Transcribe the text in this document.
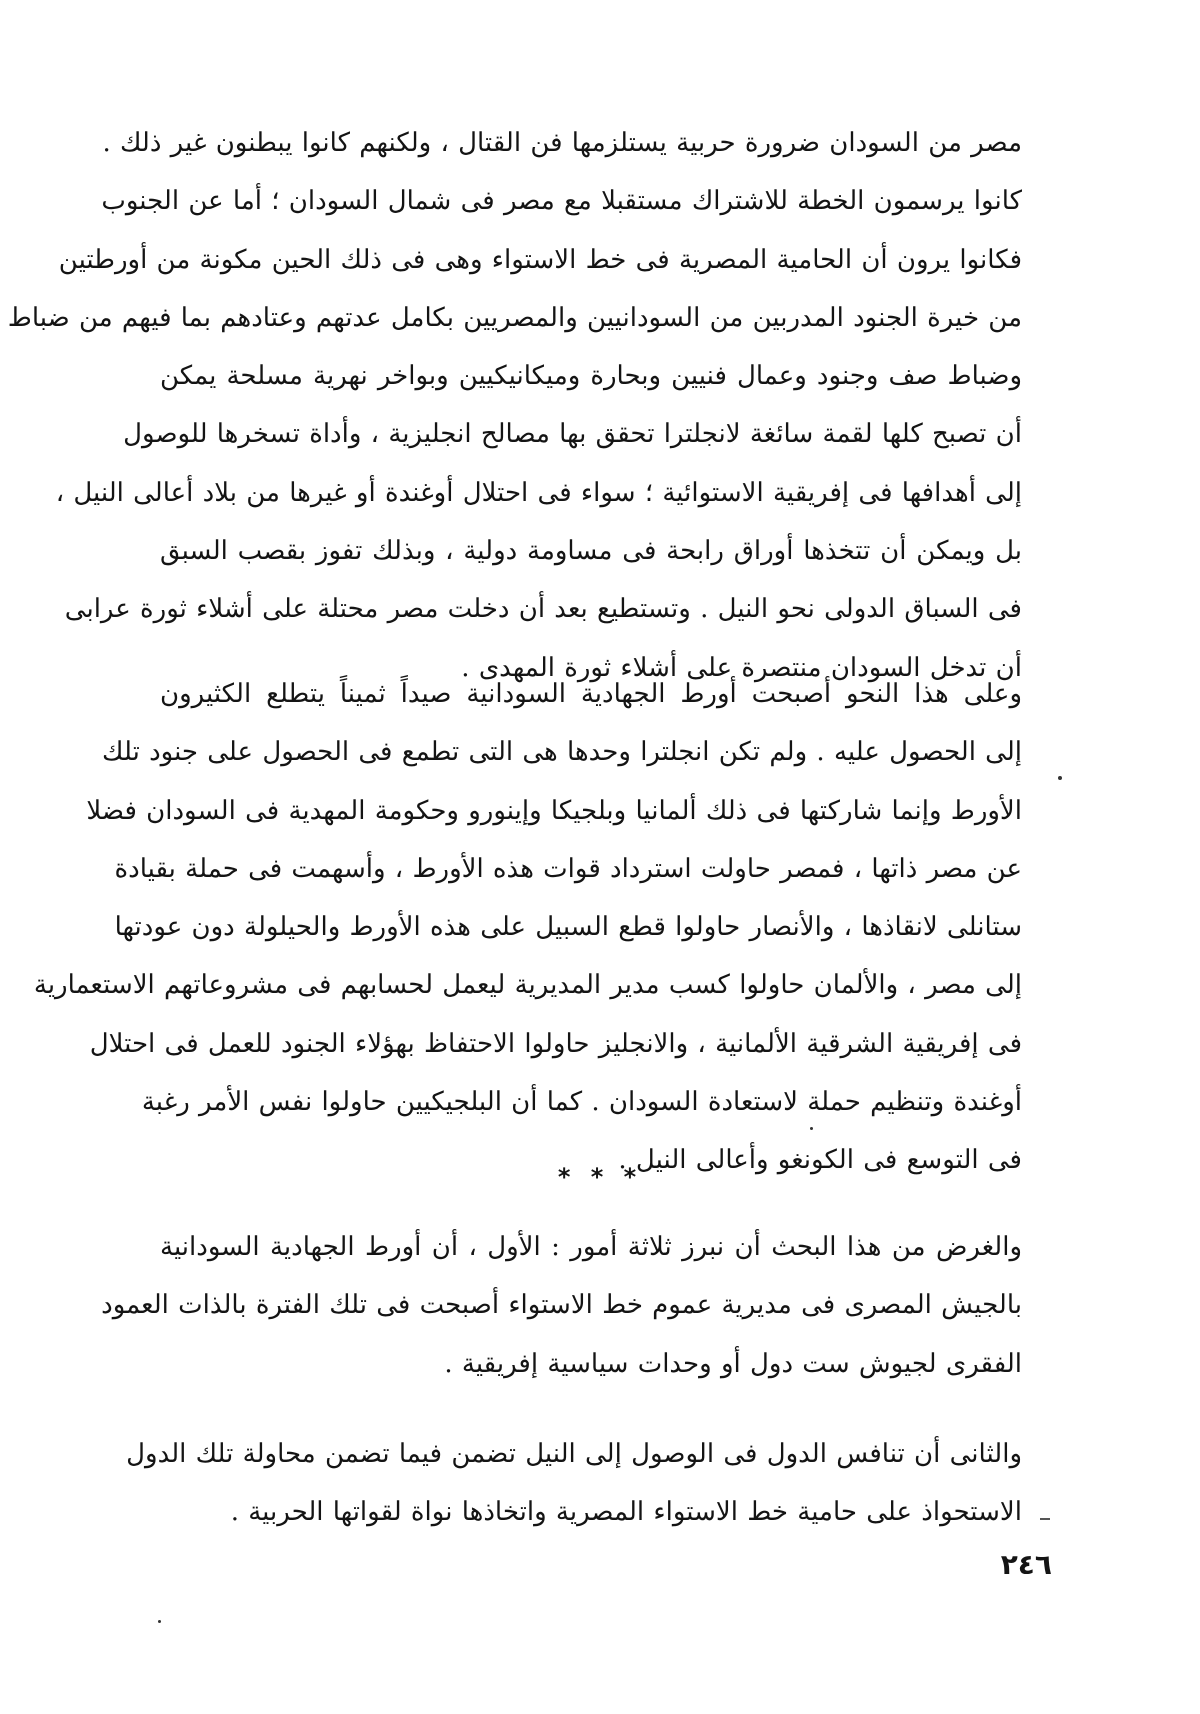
مصر من السودان ضرورة حربية يستلزمها فن القتال ، ولكنهم كانوا يبطنون غير ذلك .
كانوا يرسمون الخطة للاشتراك مستقبلا مع مصر فى شمال السودان ؛ أما عن الجنوب
فكانوا يرون أن الحامية المصرية فى خط الاستواء وهى فى ذلك الحين مكونة من أورطتين
من خيرة الجنود المدربين من السودانيين والمصريين بكامل عدتهم وعتادهم بما فيهم من ضباط
وضباط صف وجنود وعمال فنيين وبحارة وميكانيكيين وبواخر نهرية مسلحة يمكن
أن تصبح كلها لقمة سائغة لانجلترا تحقق بها مصالح انجليزية ، وأداة تسخرها للوصول
إلى أهدافها فى إفريقية الاستوائية ؛ سواء فى احتلال أوغندة أو غيرها من بلاد أعالى النيل ،
بل ويمكن أن تتخذها أوراق رابحة فى مساومة دولية ، وبذلك تفوز بقصب السبق
فى السباق الدولى نحو النيل . وتستطيع بعد أن دخلت مصر محتلة على أشلاء ثورة عرابى
أن تدخل السودان منتصرة على أشلاء ثورة المهدى .
وعلى هذا النحو أصبحت أورط الجهادية السودانية صيداً ثميناً يتطلع الكثيرون
إلى الحصول عليه . ولم تكن انجلترا وحدها هى التى تطمع فى الحصول على جنود تلك
الأورط وإنما شاركتها فى ذلك ألمانيا وبلجيكا وإينورو وحكومة المهدية فى السودان فضلا
عن مصر ذاتها ، فمصر حاولت استرداد قوات هذه الأورط ، وأسهمت فى حملة بقيادة
ستانلى لانقاذها ، والأنصار حاولوا قطع السبيل على هذه الأورط والحيلولة دون عودتها
إلى مصر ، والألمان حاولوا كسب مدير المديرية ليعمل لحسابهم فى مشروعاتهم الاستعمارية
فى إفريقية الشرقية الألمانية ، والانجليز حاولوا الاحتفاظ بهؤلاء الجنود للعمل فى احتلال
أوغندة وتنظيم حملة لاستعادة السودان . كما أن البلجيكيين حاولوا نفس الأمر رغبة
فى التوسع فى الكونغو وأعالى النيل .
* * *
والغرض من هذا البحث أن نبرز ثلاثة أمور : الأول ، أن أورط الجهادية السودانية
بالجيش المصرى فى مديرية عموم خط الاستواء أصبحت فى تلك الفترة بالذات العمود
الفقرى لجيوش ست دول أو وحدات سياسية إفريقية .
والثانى أن تنافس الدول فى الوصول إلى النيل تضمن فيما تضمن محاولة تلك الدول
الاستحواذ على حامية خط الاستواء المصرية واتخاذها نواة لقواتها الحربية .
٢٤٦
